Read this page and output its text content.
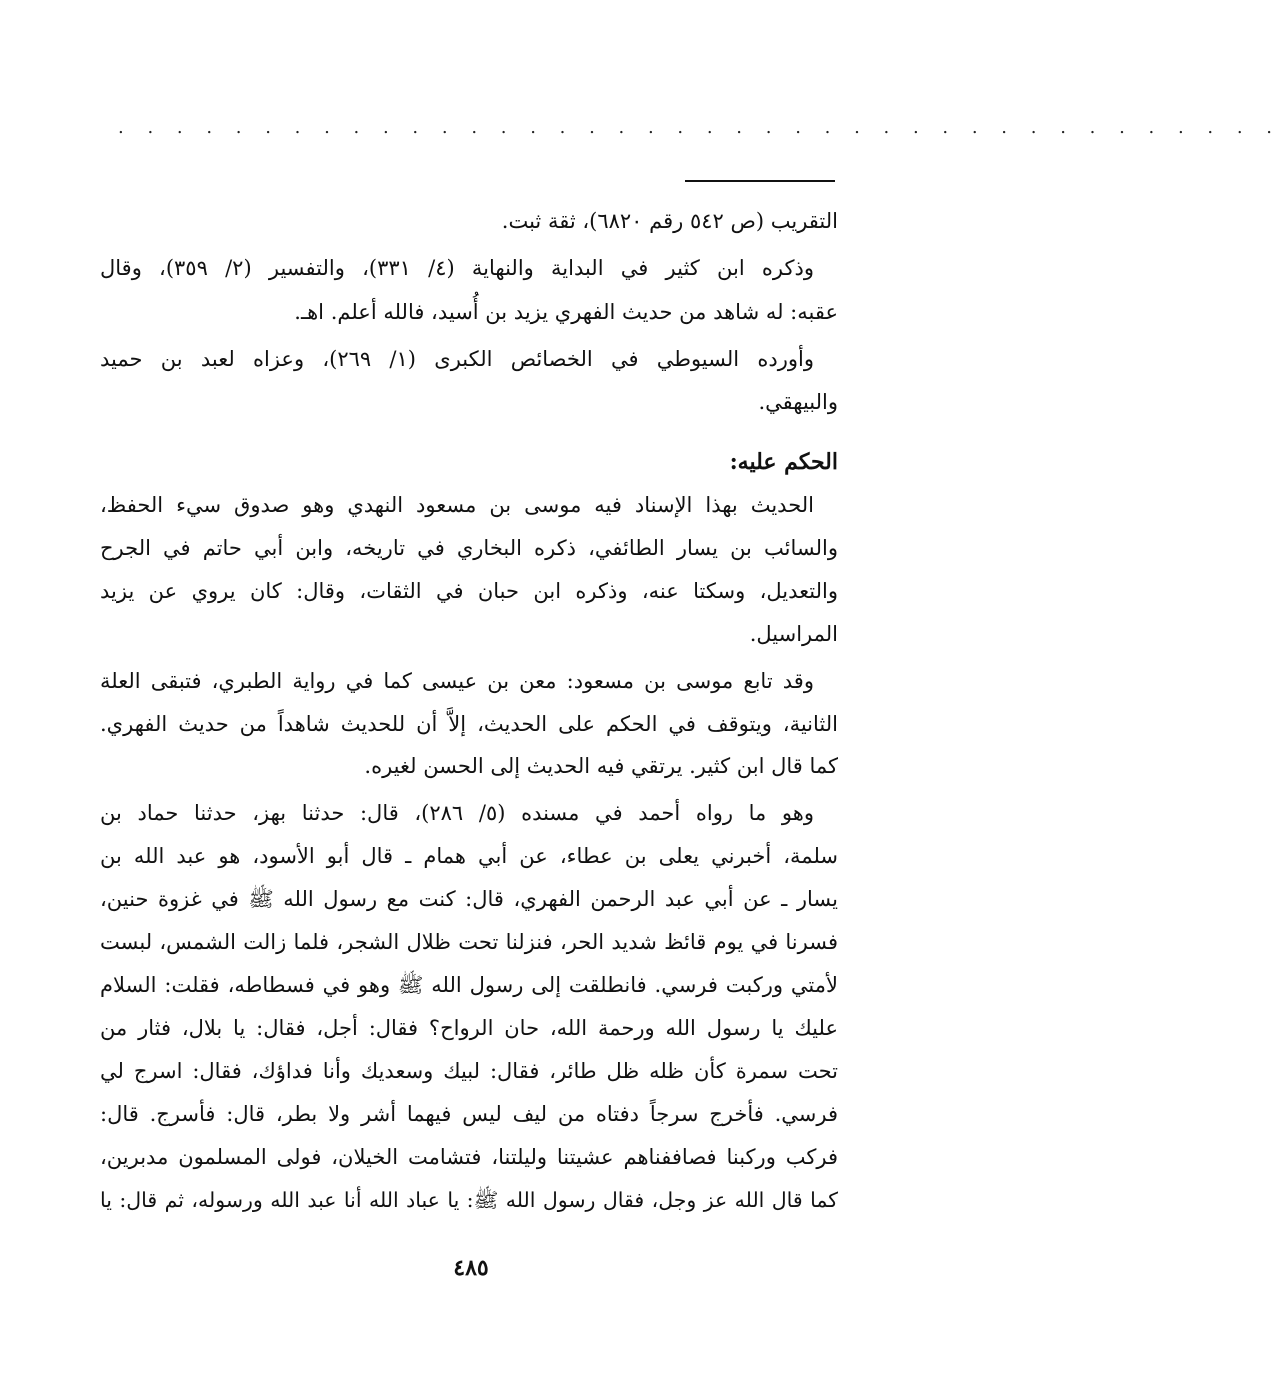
. . . . . . . . . . . . . . . . . . . . . . . . . . . . . . . . . . . . . . . .
التقريب (ص ٥٤٢ رقم ٦٨٢٠)، ثقة ثبت.
وذكره ابن كثير في البداية والنهاية (٤/ ٣٣١)، والتفسير (٢/ ٣٥٩)، وقال
عقبه: له شاهد من حديث الفهري يزيد بن أُسيد، فالله أعلم. اهـ.
وأورده السيوطي في الخصائص الكبرى (١/ ٢٦٩)، وعزاه لعبد بن حميد
والبيهقي.
الحكم عليه:
الحديث بهذا الإسناد فيه موسى بن مسعود النهدي وهو صدوق سيء الحفظ،
والسائب بن يسار الطائفي، ذكره البخاري في تاريخه، وابن أبي حاتم في الجرح
والتعديل، وسكتا عنه، وذكره ابن حبان في الثقات، وقال: كان يروي عن يزيد
المراسيل.
وقد تابع موسى بن مسعود: معن بن عيسى كما في رواية الطبري، فتبقى العلة
الثانية، ويتوقف في الحكم على الحديث، إلاَّ أن للحديث شاهداً من حديث الفهري.
كما قال ابن كثير. يرتقي فيه الحديث إلى الحسن لغيره.
وهو ما رواه أحمد في مسنده (٥/ ٢٨٦)، قال: حدثنا بهز، حدثنا حماد بن
سلمة، أخبرني يعلى بن عطاء، عن أبي همام ـ قال أبو الأسود، هو عبد الله بن
يسار ـ عن أبي عبد الرحمن الفهري، قال: كنت مع رسول الله ﷺ في غزوة حنين،
فسرنا في يوم قائظ شديد الحر، فنزلنا تحت ظلال الشجر، فلما زالت الشمس، لبست
لأمتي وركبت فرسي. فانطلقت إلى رسول الله ﷺ وهو في فسطاطه، فقلت: السلام
عليك يا رسول الله ورحمة الله، حان الرواح؟ فقال: أجل، فقال: يا بلال، فثار من
تحت سمرة كأن ظله ظل طائر، فقال: لبيك وسعديك وأنا فداؤك، فقال: اسرج لي
فرسي. فأخرج سرجاً دفتاه من ليف ليس فيهما أشر ولا بطر، قال: فأسرج. قال:
فركب وركبنا فصاففناهم عشيتنا وليلتنا، فتشامت الخيلان، فولى المسلمون مدبرين،
كما قال الله عز وجل، فقال رسول الله ﷺ: يا عباد الله أنا عبد الله ورسوله، ثم قال: يا
٤٨٥
